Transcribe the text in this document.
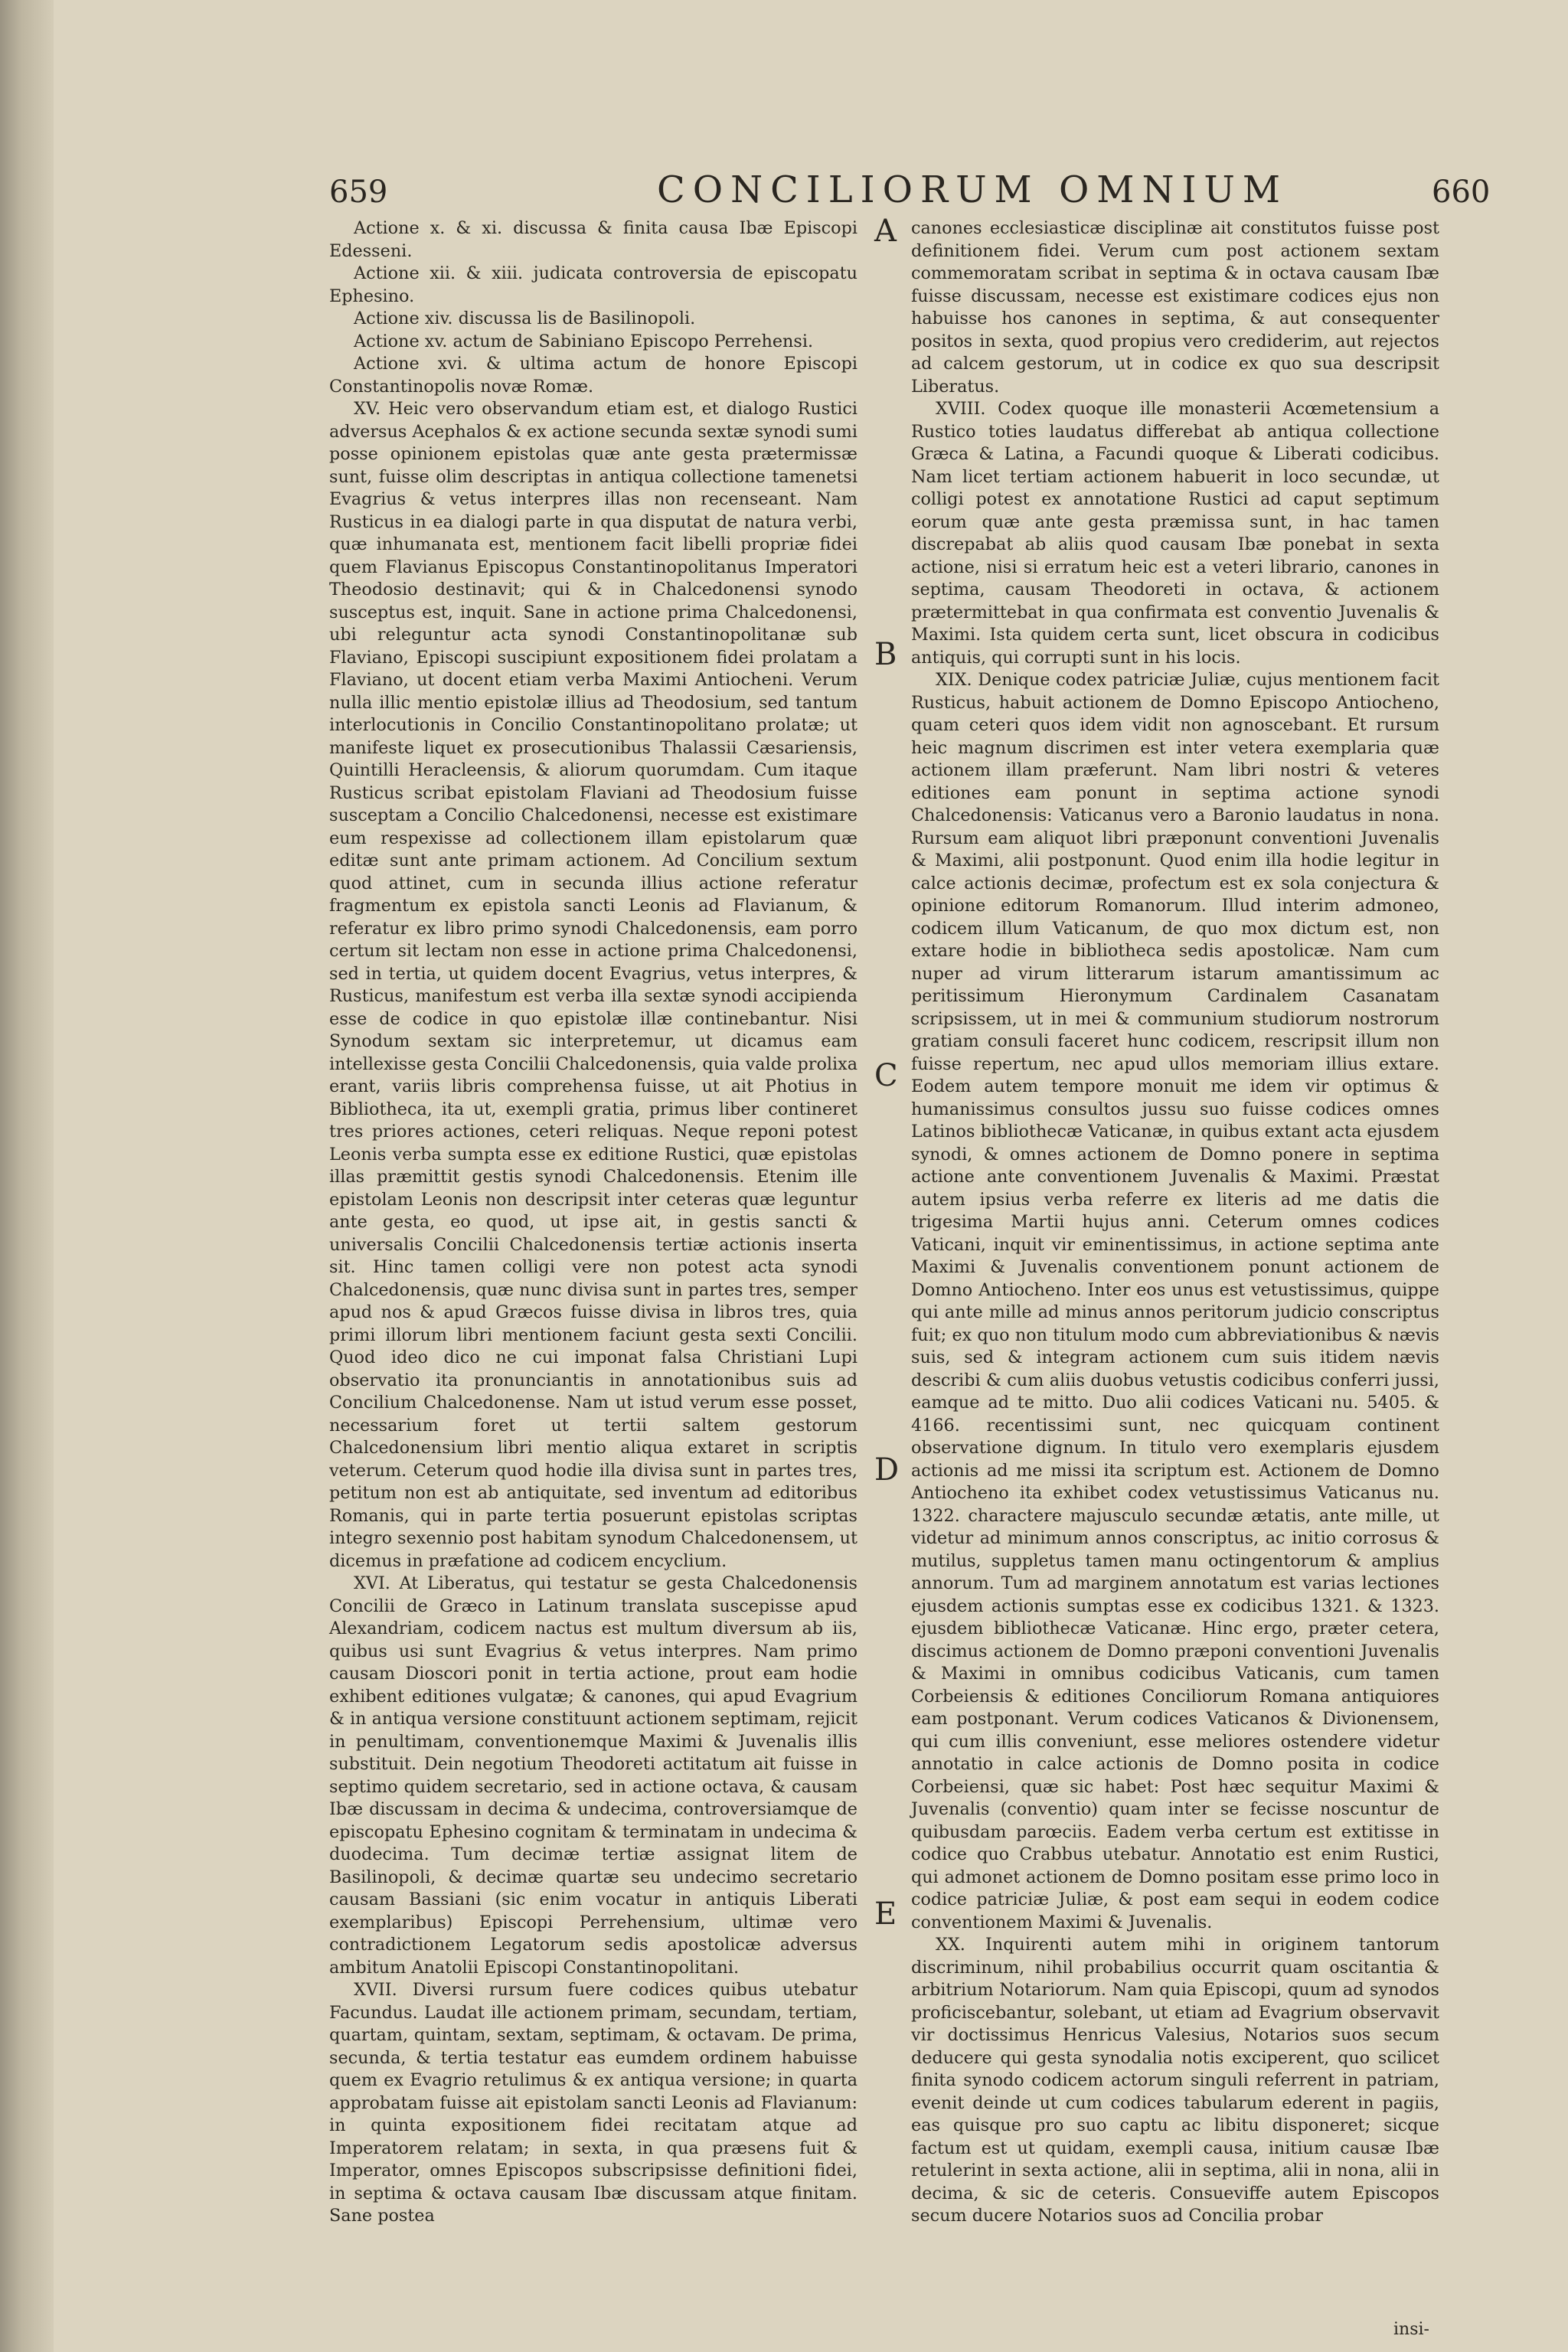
659	CONCILIORUM OMNIUM	660
A
B
C
D
E

Actione x. & xi. discussa & finita causa Ibæ Episcopi Edesseni.

Actione xii. & xiii. judicata controversia de episcopatu Ephesino.

Actione xiv. discussa lis de Basilinopoli.

Actione xv. actum de Sabiniano Episcopo Perrehensi.

Actione xvi. & ultima actum de honore Episcopi Constantinopolis novæ Romæ.

XV. Heic vero observandum etiam est, et dialogo Rustici adversus Acephalos & ex actione secunda sextæ synodi sumi posse opinionem epistolas quæ ante gesta prætermissæ sunt, fuisse olim descriptas in antiqua collectione tamenetsi Evagrius & vetus interpres illas non recenseant. Nam Rusticus in ea dialogi parte in qua disputat de natura verbi, quæ inhumanata est, mentionem facit libelli propriæ fidei quem Flavianus Episcopus Constantinopolitanus Imperatori Theodosio destinavit; qui & in Chalcedonensi synodo susceptus est, inquit. Sane in actione prima Chalcedonensi, ubi releguntur acta synodi Constantinopolitanæ sub Flaviano, Episcopi suscipiunt expositionem fidei prolatam a Flaviano, ut docent etiam verba Maximi Antiocheni. Verum nulla illic mentio epistolæ illius ad Theodosium, sed tantum interlocutionis in Concilio Constantinopolitano prolatæ; ut manifeste liquet ex prosecutionibus Thalassii Cæsariensis, Quintilli Heracleensis, & aliorum quorumdam. Cum itaque Rusticus scribat epistolam Flaviani ad Theodosium fuisse susceptam a Concilio Chalcedonensi, necesse est existimare eum respexisse ad collectionem illam epistolarum quæ editæ sunt ante primam actionem. Ad Concilium sextum quod attinet, cum in secunda illius actione referatur fragmentum ex epistola sancti Leonis ad Flavianum, & referatur ex libro primo synodi Chalcedonensis, eam porro certum sit lectam non esse in actione prima Chalcedonensi, sed in tertia, ut quidem docent Evagrius, vetus interpres, & Rusticus, manifestum est verba illa sextæ synodi accipienda esse de codice in quo epistolæ illæ continebantur. Nisi Synodum sextam sic interpretemur, ut dicamus eam intellexisse gesta Concilii Chalcedonensis, quia valde prolixa erant, variis libris comprehensa fuisse, ut ait Photius in Bibliotheca, ita ut, exempli gratia, primus liber contineret tres priores actiones, ceteri reliquas. Neque reponi potest Leonis verba sumpta esse ex editione Rustici, quæ epistolas illas præmittit gestis synodi Chalcedonensis. Etenim ille epistolam Leonis non descripsit inter ceteras quæ leguntur ante gesta, eo quod, ut ipse ait, in gestis sancti & universalis Concilii Chalcedonensis tertiæ actionis inserta sit. Hinc tamen colligi vere non potest acta synodi Chalcedonensis, quæ nunc divisa sunt in partes tres, semper apud nos & apud Græcos fuisse divisa in libros tres, quia primi illorum libri mentionem faciunt gesta sexti Concilii. Quod ideo dico ne cui imponat falsa Christiani Lupi observatio ita pronunciantis in annotationibus suis ad Concilium Chalcedonense. Nam ut istud verum esse posset, necessarium foret ut tertii saltem gestorum Chalcedonensium libri mentio aliqua extaret in scriptis veterum. Ceterum quod hodie illa divisa sunt in partes tres, petitum non est ab antiquitate, sed inventum ad editoribus Romanis, qui in parte tertia posuerunt epistolas scriptas integro sexennio post habitam synodum Chalcedonensem, ut dicemus in præfatione ad codicem encyclium.

XVI. At Liberatus, qui testatur se gesta Chalcedonensis Concilii de Græco in Latinum translata suscepisse apud Alexandriam, codicem nactus est multum diversum ab iis, quibus usi sunt Evagrius & vetus interpres. Nam primo causam Dioscori ponit in tertia actione, prout eam hodie exhibent editiones vulgatæ; & canones, qui apud Evagrium & in antiqua versione constituunt actionem septimam, rejicit in penultimam, conventionemque Maximi & Juvenalis illis substituit. Dein negotium Theodoreti actitatum ait fuisse in septimo quidem secretario, sed in actione octava, & causam Ibæ discussam in decima & undecima, controversiamque de episcopatu Ephesino cognitam & terminatam in undecima & duodecima. Tum decimæ tertiæ assignat litem de Basilinopoli, & decimæ quartæ seu undecimo secretario causam Bassiani (sic enim vocatur in antiquis Liberati exemplaribus) Episcopi Perrehensium, ultimæ vero contradictionem Legatorum sedis apostolicæ adversus ambitum Anatolii Episcopi Constantinopolitani.

XVII. Diversi rursum fuere codices quibus utebatur Facundus. Laudat ille actionem primam, secundam, tertiam, quartam, quintam, sextam, septimam, & octavam. De prima, secunda, & tertia testatur eas eumdem ordinem habuisse quem ex Evagrio retulimus & ex antiqua versione; in quarta approbatam fuisse ait epistolam sancti Leonis ad Flavianum: in quinta expositionem fidei recitatam atque ad Imperatorem relatam; in sexta, in qua præsens fuit & Imperator, omnes Episcopos subscripsisse definitioni fidei, in septima & octava causam Ibæ discussam atque finitam. Sane postea

canones ecclesiasticæ disciplinæ ait constitutos fuisse post definitionem fidei. Verum cum post actionem sextam commemoratam scribat in septima & in octava causam Ibæ fuisse discussam, necesse est existimare codices ejus non habuisse hos canones in septima, & aut consequenter positos in sexta, quod propius vero crediderim, aut rejectos ad calcem gestorum, ut in codice ex quo sua descripsit Liberatus.

XVIII. Codex quoque ille monasterii Acœmetensium a Rustico toties laudatus differebat ab antiqua collectione Græca & Latina, a Facundi quoque & Liberati codicibus. Nam licet tertiam actionem habuerit in loco secundæ, ut colligi potest ex annotatione Rustici ad caput septimum eorum quæ ante gesta præmissa sunt, in hac tamen discrepabat ab aliis quod causam Ibæ ponebat in sexta actione, nisi si erratum heic est a veteri librario, canones in septima, causam Theodoreti in octava, & actionem prætermittebat in qua confirmata est conventio Juvenalis & Maximi. Ista quidem certa sunt, licet obscura in codicibus antiquis, qui corrupti sunt in his locis.

XIX. Denique codex patriciæ Juliæ, cujus mentionem facit Rusticus, habuit actionem de Domno Episcopo Antiocheno, quam ceteri quos idem vidit non agnoscebant. Et rursum heic magnum discrimen est inter vetera exemplaria quæ actionem illam præferunt. Nam libri nostri & veteres editiones eam ponunt in septima actione synodi Chalcedonensis: Vaticanus vero a Baronio laudatus in nona. Rursum eam aliquot libri præponunt conventioni Juvenalis & Maximi, alii postponunt. Quod enim illa hodie legitur in calce actionis decimæ, profectum est ex sola conjectura & opinione editorum Romanorum. Illud interim admoneo, codicem illum Vaticanum, de quo mox dictum est, non extare hodie in bibliotheca sedis apostolicæ. Nam cum nuper ad virum litterarum istarum amantissimum ac peritissimum Hieronymum Cardinalem Casanatam scripsissem, ut in mei & communium studiorum nostrorum gratiam consuli faceret hunc codicem, rescripsit illum non fuisse repertum, nec apud ullos memoriam illius extare. Eodem autem tempore monuit me idem vir optimus & humanissimus consultos jussu suo fuisse codices omnes Latinos bibliothecæ Vaticanæ, in quibus extant acta ejusdem synodi, & omnes actionem de Domno ponere in septima actione ante conventionem Juvenalis & Maximi. Præstat autem ipsius verba referre ex literis ad me datis die trigesima Martii hujus anni. Ceterum omnes codices Vaticani, inquit vir eminentissimus, in actione septima ante Maximi & Juvenalis conventionem ponunt actionem de Domno Antiocheno. Inter eos unus est vetustissimus, quippe qui ante mille ad minus annos peritorum judicio conscriptus fuit; ex quo non titulum modo cum abbreviationibus & nævis suis, sed & integram actionem cum suis itidem nævis describi & cum aliis duobus vetustis codicibus conferri jussi, eamque ad te mitto. Duo alii codices Vaticani nu. 5405. & 4166. recentissimi sunt, nec quicquam continent observatione dignum. In titulo vero exemplaris ejusdem actionis ad me missi ita scriptum est. Actionem de Domno Antiocheno ita exhibet codex vetustissimus Vaticanus nu. 1322. charactere majusculo secundæ ætatis, ante mille, ut videtur ad minimum annos conscriptus, ac initio corrosus & mutilus, suppletus tamen manu octingentorum & amplius annorum. Tum ad marginem annotatum est varias lectiones ejusdem actionis sumptas esse ex codicibus 1321. & 1323. ejusdem bibliothecæ Vaticanæ. Hinc ergo, præter cetera, discimus actionem de Domno præponi conventioni Juvenalis & Maximi in omnibus codicibus Vaticanis, cum tamen Corbeiensis & editiones Conciliorum Romana antiquiores eam postponant. Verum codices Vaticanos & Divionensem, qui cum illis conveniunt, esse meliores ostendere videtur annotatio in calce actionis de Domno posita in codice Corbeiensi, quæ sic habet: Post hæc sequitur Maximi & Juvenalis (conventio) quam inter se fecisse noscuntur de quibusdam parœciis. Eadem verba certum est extitisse in codice quo Crabbus utebatur. Annotatio est enim Rustici, qui admonet actionem de Domno positam esse primo loco in codice patriciæ Juliæ, & post eam sequi in eodem codice conventionem Maximi & Juvenalis.

XX. Inquirenti autem mihi in originem tantorum discriminum, nihil probabilius occurrit quam oscitantia & arbitrium Notariorum. Nam quia Episcopi, quum ad synodos proficiscebantur, solebant, ut etiam ad Evagrium observavit vir doctissimus Henricus Valesius, Notarios suos secum deducere qui gesta synodalia notis exciperent, quo scilicet finita synodo codicem actorum singuli referrent in patriam, evenit deinde ut cum codices tabularum ederent in pagiis, eas quisque pro suo captu ac libitu disponeret; sicque factum est ut quidam, exempli causa, initium causæ Ibæ retulerint in sexta actione, alii in septima, alii in nona, alii in decima, & sic de ceteris. Consueviffe autem Episcopos secum ducere Notarios suos ad Concilia probar

insi-
